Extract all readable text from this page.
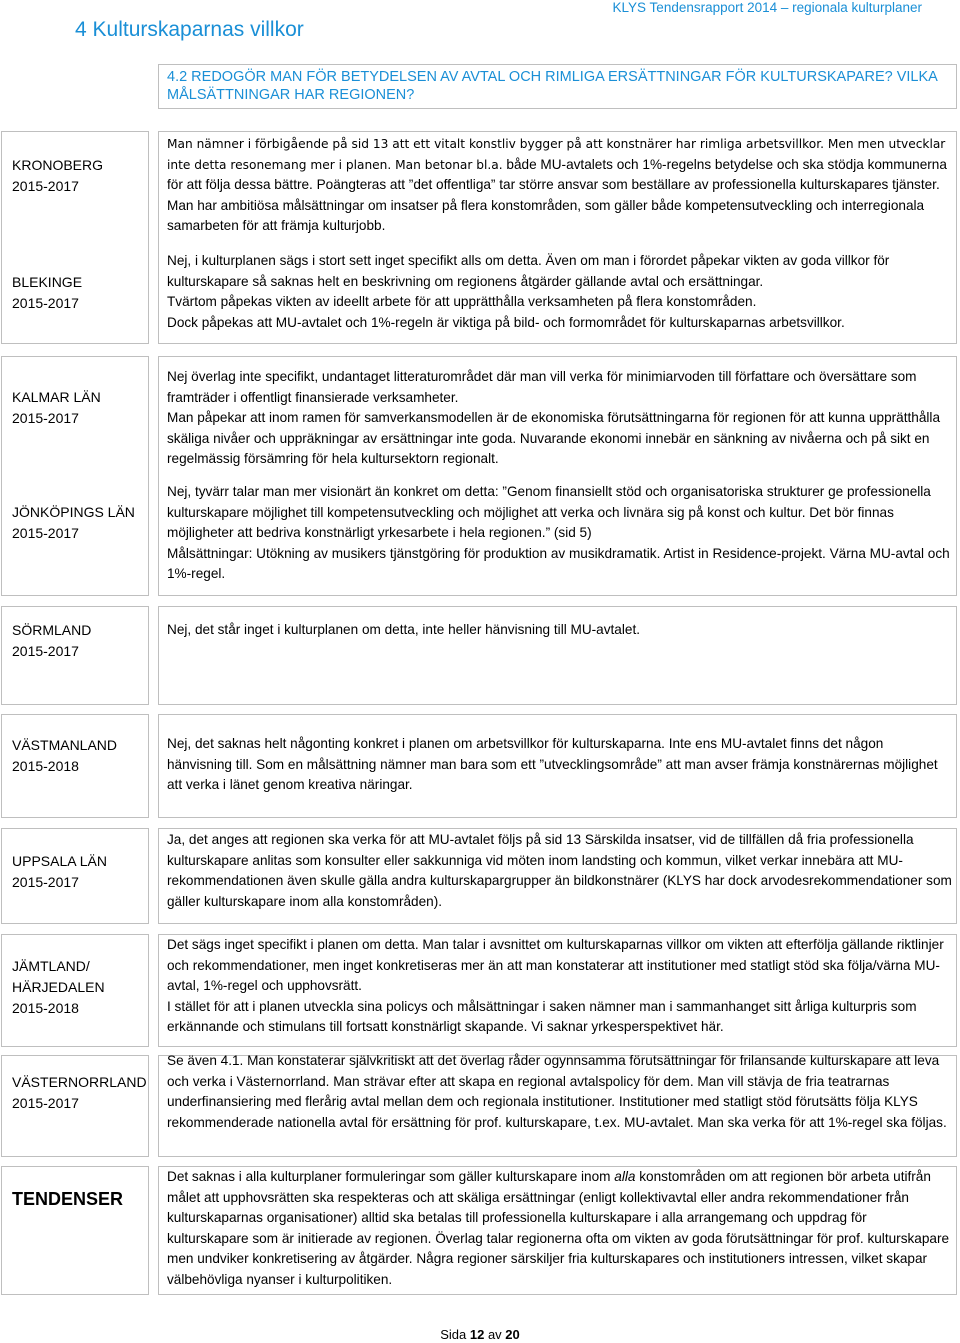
4 Kulturskaparnas villkor
KLYS Tendensrapport 2014 – regionala kulturplaner
4.2 REDOGÖR MAN FÖR BETYDELSEN AV AVTAL OCH RIMLIGA ERSÄTTNINGAR FÖR KULTURSKAPARE? VILKA MÅLSÄTTNINGAR HAR REGIONEN?
KRONOBERG
2015-2017
BLEKINGE
2015-2017
KALMAR LÄN
2015-2017
JÖNKÖPINGS LÄN
2015-2017
SÖRMLAND
2015-2017
VÄSTMANLAND
2015-2018
UPPSALA LÄN
2015-2017
JÄMTLAND/
HÄRJEDALEN
2015-2018
VÄSTERNORRLAND
2015-2017
TENDENSER

Man nämner i förbigående på sid 13 att ett vitalt konstliv bygger på att konstnärer har rimliga arbetsvillkor. Men men utvecklar inte detta resonemang mer i planen. Man betonar bl.a. både MU-avtalets och 1%-regelns betydelse och ska stödja kommunerna för att följa dessa bättre. Poängteras att ”det offentliga” tar större ansvar som beställare av professionella kulturskapares tjänster. Man har ambitiösa målsättningar om insatser på flera konstområden, som gäller både kompetensutveckling och interregionala samarbeten för att främja kulturjobb.

Nej, i kulturplanen sägs i stort sett inget specifikt alls om detta. Även om man i förordet påpekar vikten av goda villkor för kulturskapare så saknas helt en beskrivning om regionens åtgärder gällande avtal och ersättningar.

Tvärtom påpekas vikten av ideellt arbete för att upprätthålla verksamheten på flera konstområden.

Dock påpekas att MU-avtalet och 1%-regeln är viktiga på bild- och formområdet för kulturskaparnas arbetsvillkor.

Nej överlag inte specifikt, undantaget litteraturområdet där man vill verka för minimiarvoden till författare och översättare som framträder i offentligt finansierade verksamheter.

Man påpekar att inom ramen för samverkansmodellen är de ekonomiska förutsättningarna för regionen för att kunna upprätthålla skäliga nivåer och uppräkningar av ersättningar inte goda. Nuvarande ekonomi innebär en sänkning av nivåerna och på sikt en regelmässig försämring för hela kultursektorn regionalt.

Nej, tyvärr talar man mer visionärt än konkret om detta: ”Genom finansiellt stöd och organisatoriska strukturer ge professionella kulturskapare möjlighet till kompetensutveckling och möjlighet att verka och livnära sig på konst och kultur. Det bör finnas möjligheter att bedriva konstnärligt yrkesarbete i hela regionen.” (sid 5)

Målsättningar: Utökning av musikers tjänstgöring för produktion av musikdramatik. Artist in Residence-projekt. Värna MU-avtal och 1%-regel.

Nej, det står inget i kulturplanen om detta, inte heller hänvisning till MU-avtalet.

Nej, det saknas helt någonting konkret i planen om arbetsvillkor för kulturskaparna. Inte ens MU-avtalet finns det någon hänvisning till. Som en målsättning nämner man bara som ett ”utvecklingsområde” att man avser främja konstnärernas möjlighet att verka i länet genom kreativa näringar.

Ja, det anges att regionen ska verka för att MU-avtalet följs på sid 13 Särskilda insatser, vid de tillfällen då fria professionella kulturskapare anlitas som konsulter eller sakkunniga vid möten inom landsting och kommun, vilket verkar innebära att MU-rekommendationen även skulle gälla andra kulturskapargrupper än bildkonstnärer (KLYS har dock arvodesrekommendationer som gäller kulturskapare inom alla konstområden).

Det sägs inget specifikt i planen om detta. Man talar i avsnittet om kulturskaparnas villkor om vikten att efterfölja gällande riktlinjer och rekommendationer, men inget konkretiseras mer än att man konstaterar att institutioner med statligt stöd ska följa/värna MU-avtal, 1%-regel och upphovsrätt.

I stället för att i planen utveckla sina policys och målsättningar i saken nämner man i sammanhanget sitt årliga kulturpris som erkännande och stimulans till fortsatt konstnärligt skapande. Vi saknar yrkesperspektivet här.

Se även 4.1. Man konstaterar självkritiskt att det överlag råder ogynnsamma förutsättningar för frilansande kulturskapare att leva och verka i Västernorrland. Man strävar efter att skapa en regional avtalspolicy för dem. Man vill stävja de fria teatrarnas underfinansiering med flerårig avtal mellan dem och regionala institutioner. Institutioner med statligt stöd förutsätts följa KLYS rekommenderade nationella avtal för ersättning för prof. kulturskapare, t.ex. MU-avtalet. Man ska verka för att 1%-regel ska följas.

Det saknas i alla kulturplaner formuleringar som gäller kulturskapare inom alla konstområden om att regionen bör arbeta utifrån målet att upphovsrätten ska respekteras och att skäliga ersättningar (enligt kollektivavtal eller andra rekommendationer från kulturskaparnas organisationer) alltid ska betalas till professionella kulturskapare i alla arrangemang och uppdrag för kulturskapare som är initierade av regionen. Överlag talar regionerna ofta om vikten av goda förutsättningar för prof. kulturskapare men undviker konkretisering av åtgärder. Några regioner särskiljer fria kulturskapares och institutioners intressen, vilket skapar välbehövliga nyanser i kulturpolitiken.

Sida 12 av 20
